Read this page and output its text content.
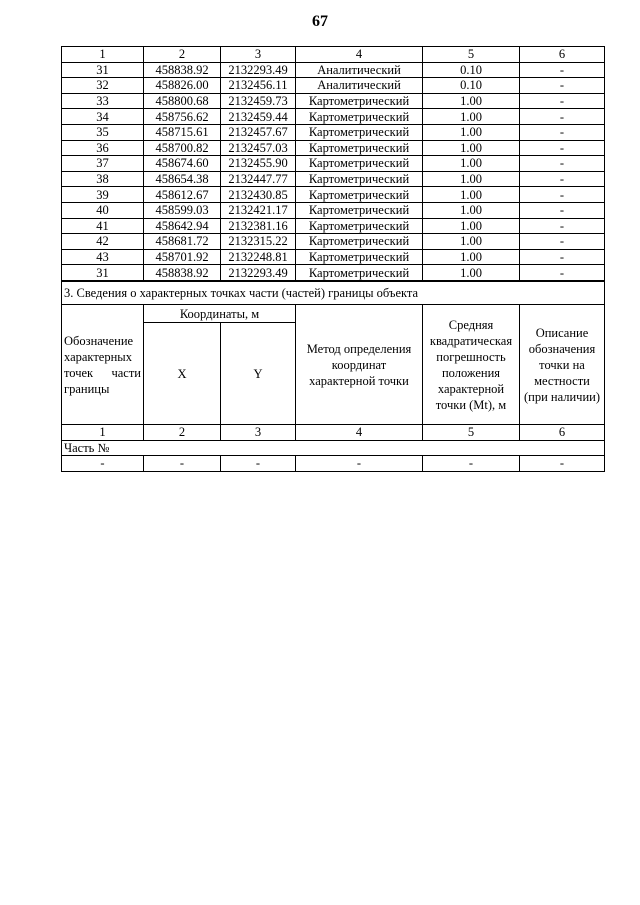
67
1	2	3	4	5	6
31	458838.92	2132293.49	Аналитический	0.10	-
32	458826.00	2132456.11	Аналитический	0.10	-
33	458800.68	2132459.73	Картометрический	1.00	-
34	458756.62	2132459.44	Картометрический	1.00	-
35	458715.61	2132457.67	Картометрический	1.00	-
36	458700.82	2132457.03	Картометрический	1.00	-
37	458674.60	2132455.90	Картометрический	1.00	-
38	458654.38	2132447.77	Картометрический	1.00	-
39	458612.67	2132430.85	Картометрический	1.00	-
40	458599.03	2132421.17	Картометрический	1.00	-
41	458642.94	2132381.16	Картометрический	1.00	-
42	458681.72	2132315.22	Картометрический	1.00	-
43	458701.92	2132248.81	Картометрический	1.00	-
31	458838.92	2132293.49	Картометрический	1.00	-
3. Сведения о характерных точках части (частей) границы объекта					
Обозначение характерных точек части границы	Координаты, м		Метод определения координат характерной точки	Средняя квадратическая погрешность положения характерной точки (Mt), м	Описание обозначения точки на местности (при наличии)
	X	Y			
1	2	3	4	5	6
Часть №					
-	-	-	-	-	-
